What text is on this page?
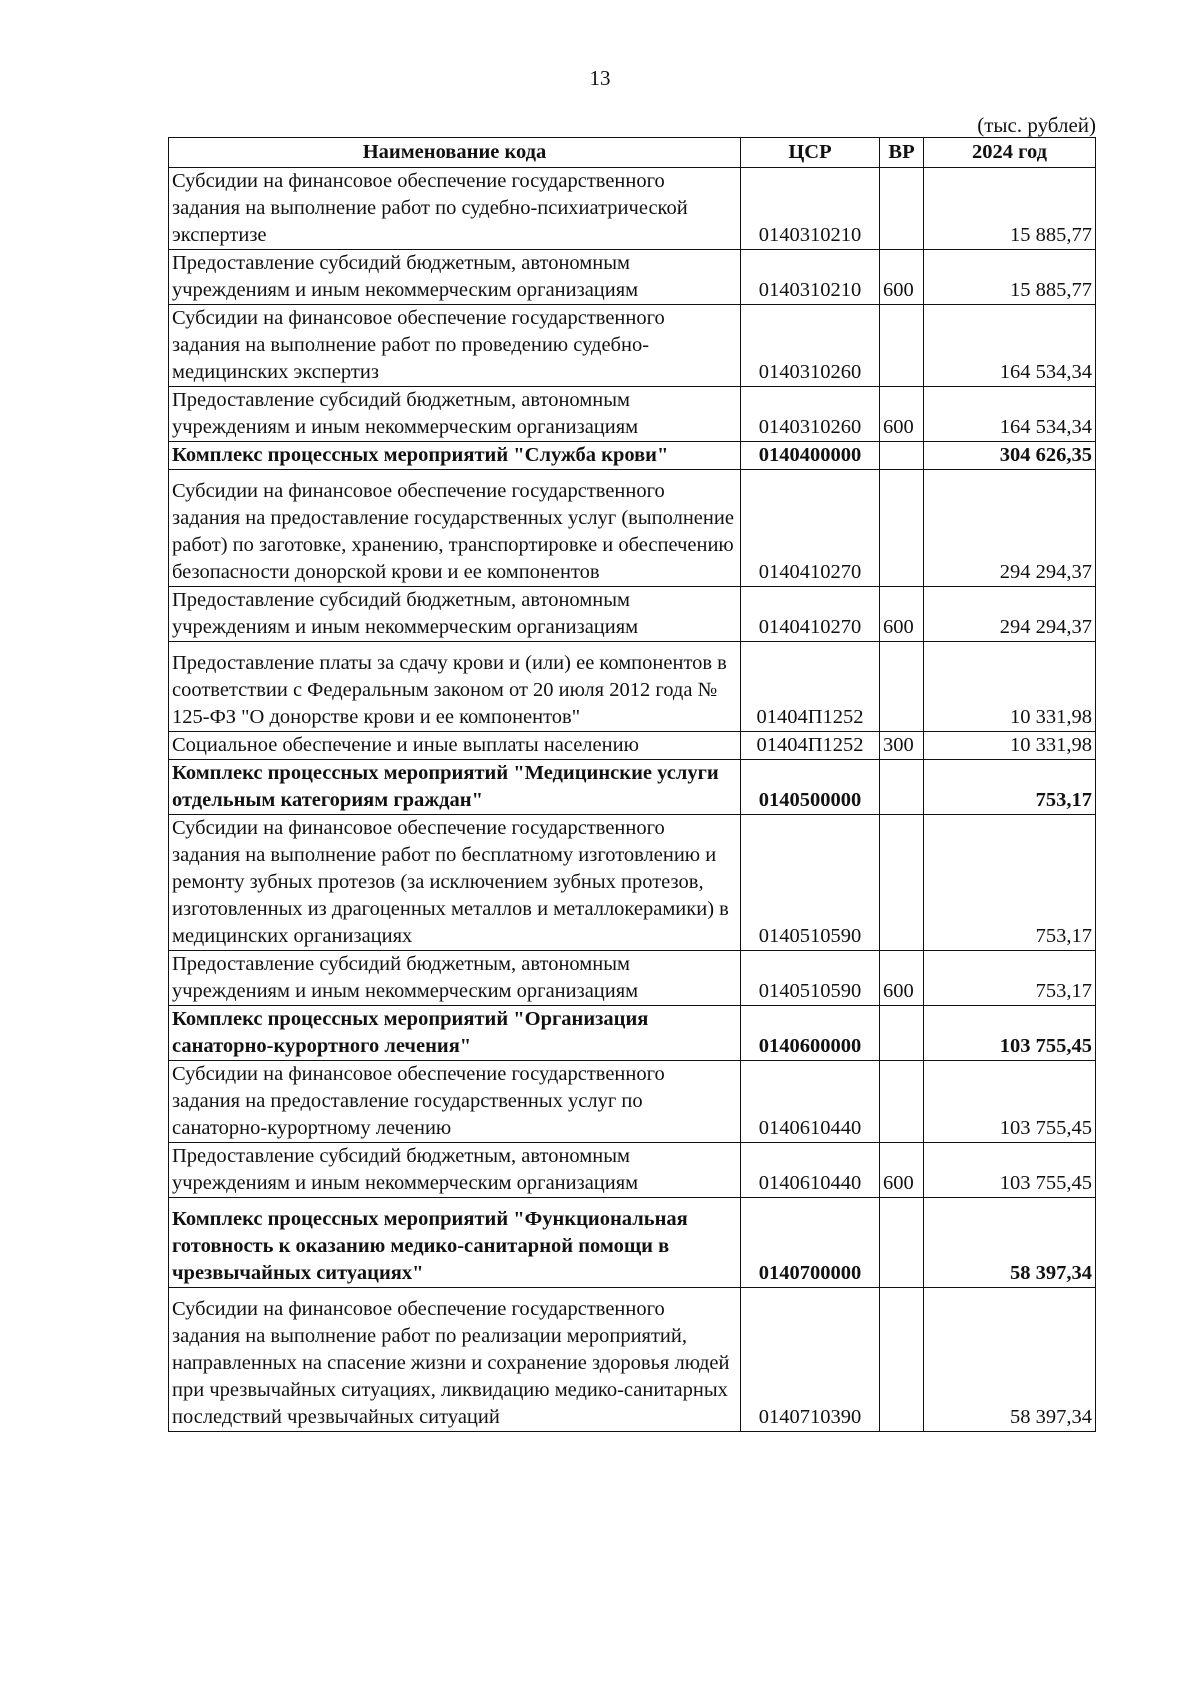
13
(тыс. рублей)
Наименование кода	ЦСР	ВР	2024 год
Субсидии на финансовое обеспечение государственного задания на выполнение работ по судебно-психиатрической экспертизе	0140310210		15 885,77
Предоставление субсидий бюджетным, автономным учреждениям и иным некоммерческим организациям	0140310210	600	15 885,77
Субсидии на финансовое обеспечение государственного задания на выполнение работ по проведению судебно-медицинских экспертиз	0140310260		164 534,34
Предоставление субсидий бюджетным, автономным учреждениям и иным некоммерческим организациям	0140310260	600	164 534,34
Комплекс процессных мероприятий "Служба крови"	0140400000		304 626,35
Субсидии на финансовое обеспечение государственного задания на предоставление государственных услуг (выполнение работ) по заготовке, хранению, транспортировке и обеспечению безопасности донорской крови и ее компонентов	0140410270		294 294,37
Предоставление субсидий бюджетным, автономным учреждениям и иным некоммерческим организациям	0140410270	600	294 294,37
Предоставление платы за сдачу крови и (или) ее компонентов в соответствии с Федеральным законом от 20 июля 2012 года № 125-ФЗ "О донорстве крови и ее компонентов"	01404П1252		10 331,98
Социальное обеспечение и иные выплаты населению	01404П1252	300	10 331,98
Комплекс процессных мероприятий "Медицинские услуги отдельным категориям граждан"	0140500000		753,17
Субсидии на финансовое обеспечение государственного задания на выполнение работ по бесплатному изготовлению и ремонту зубных протезов (за исключением зубных протезов, изготовленных из драгоценных металлов и металлокерамики) в медицинских организациях	0140510590		753,17
Предоставление субсидий бюджетным, автономным учреждениям и иным некоммерческим организациям	0140510590	600	753,17
Комплекс процессных мероприятий "Организация санаторно-курортного лечения"	0140600000		103 755,45
Субсидии на финансовое обеспечение государственного задания на предоставление государственных услуг по санаторно-курортному лечению	0140610440		103 755,45
Предоставление субсидий бюджетным, автономным учреждениям и иным некоммерческим организациям	0140610440	600	103 755,45
Комплекс процессных мероприятий "Функциональная готовность к оказанию медико-санитарной помощи в чрезвычайных ситуациях"	0140700000		58 397,34
Субсидии на финансовое обеспечение государственного задания на выполнение работ по реализации мероприятий, направленных на спасение жизни и сохранение здоровья людей при чрезвычайных ситуациях, ликвидацию медико-санитарных последствий чрезвычайных ситуаций	0140710390		58 397,34
